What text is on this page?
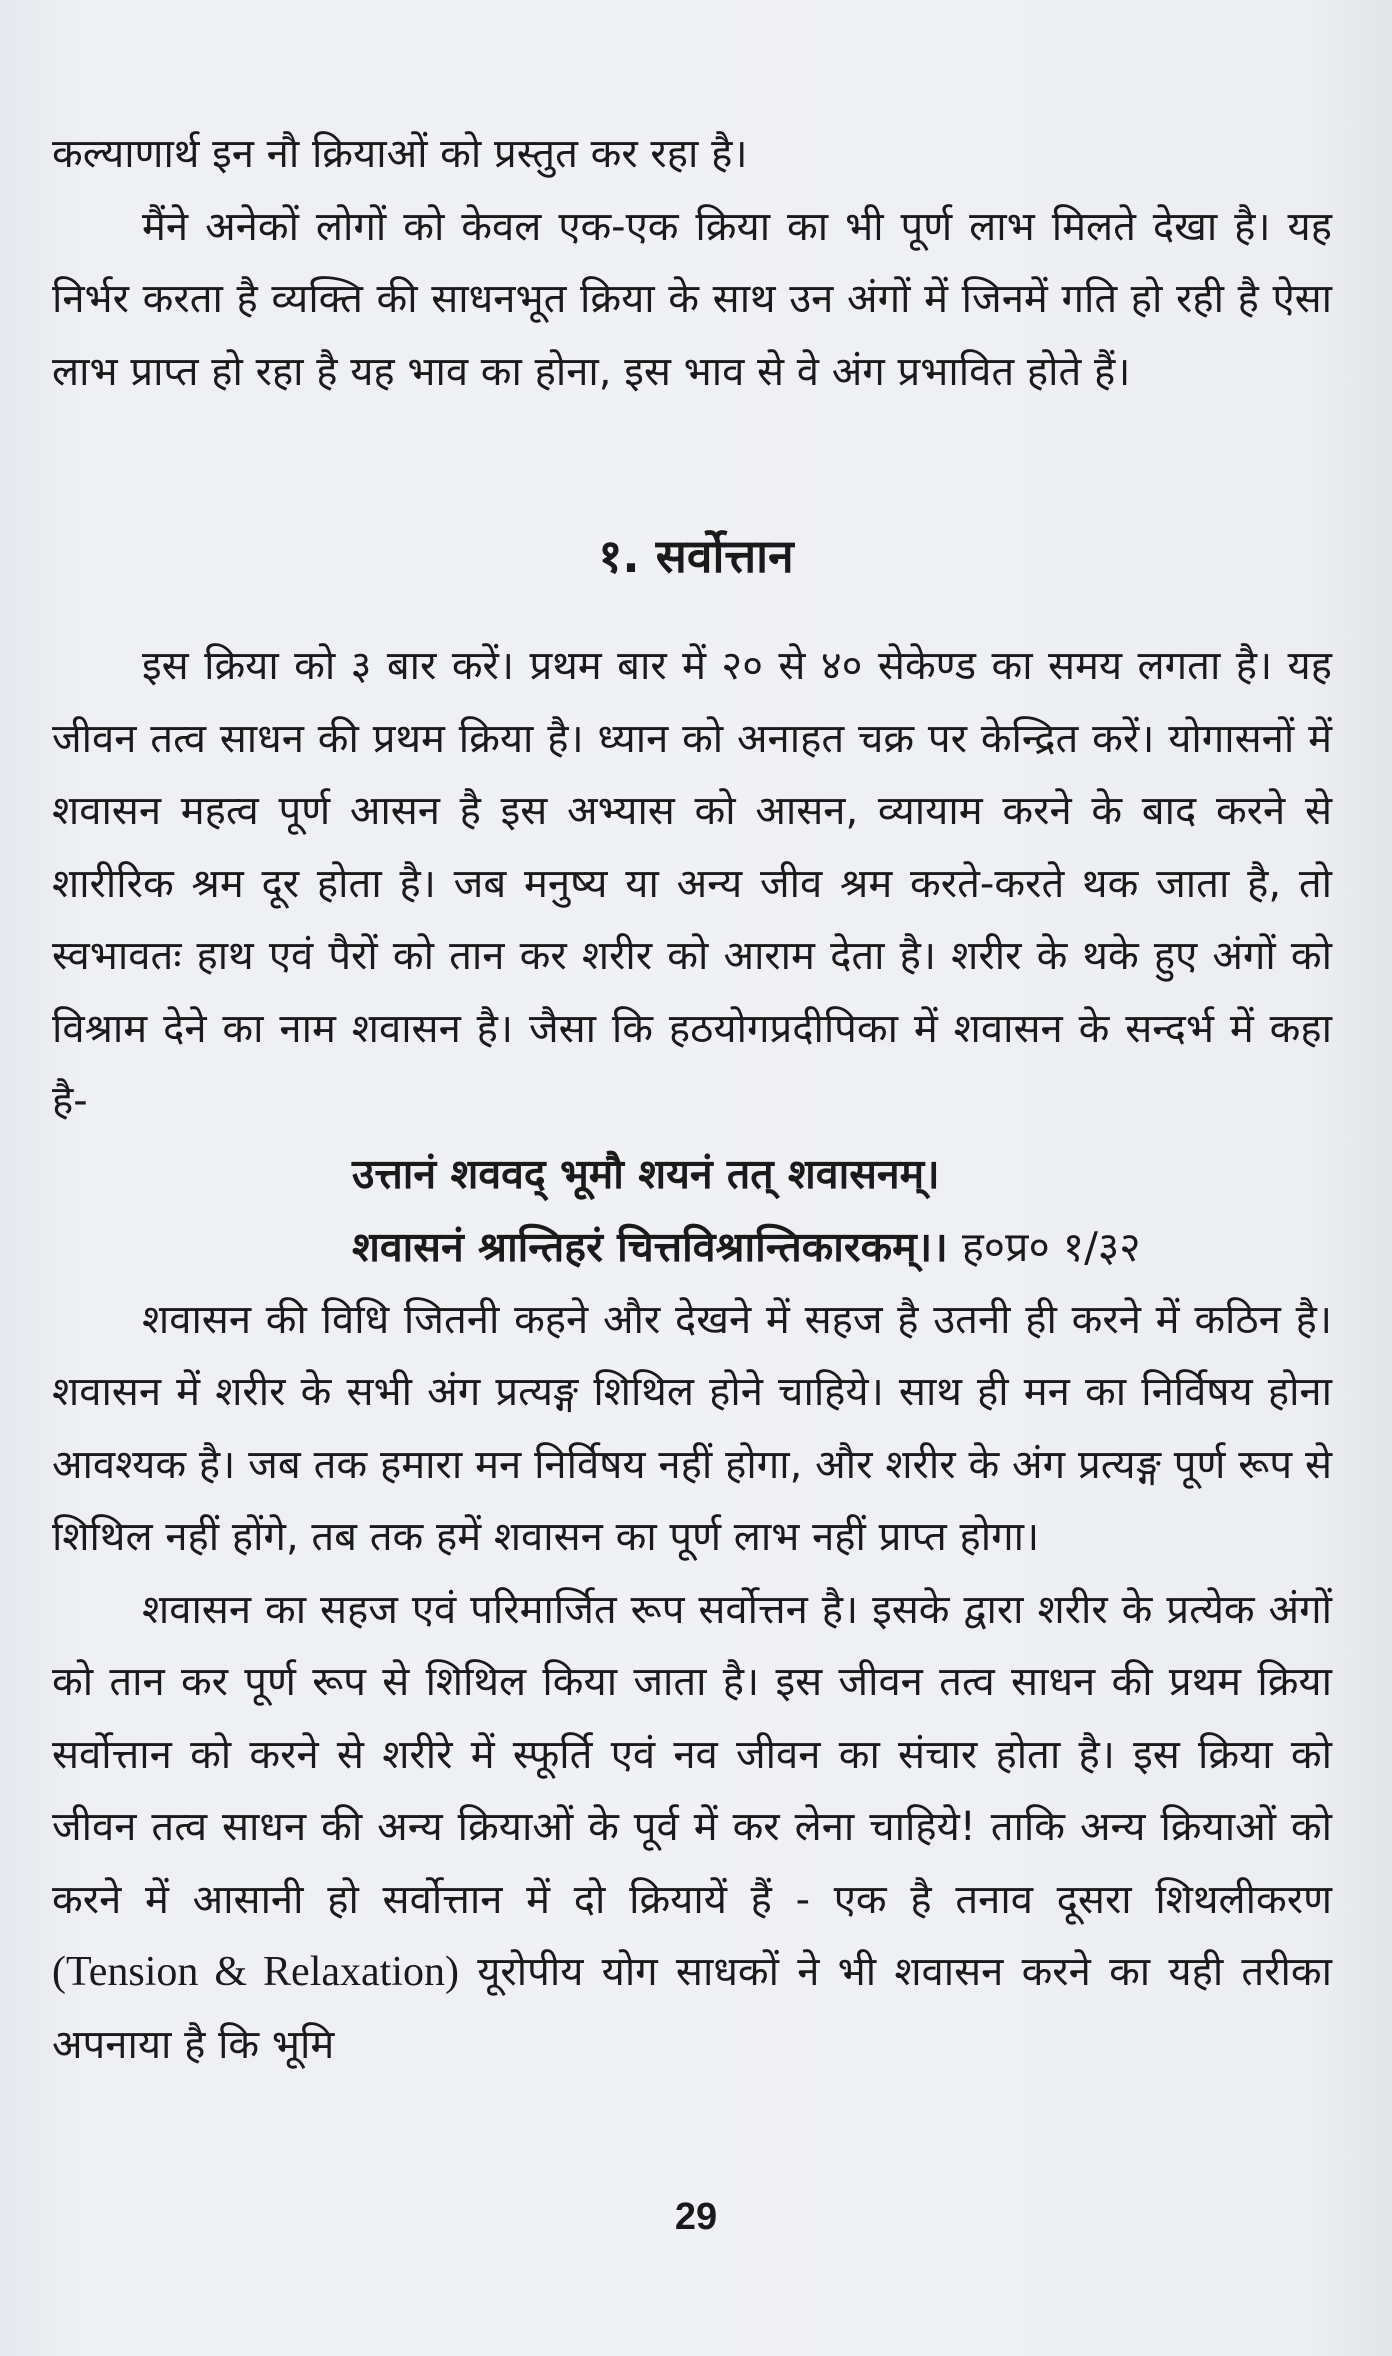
कल्याणार्थ इन नौ क्रियाओं को प्रस्तुत कर रहा है।

मैंने अनेकों लोगों को केवल एक-एक क्रिया का भी पूर्ण लाभ मिलते देखा है। यह निर्भर करता है व्यक्ति की साधनभूत क्रिया के साथ उन अंगों में जिनमें गति हो रही है ऐसा लाभ प्राप्त हो रहा है यह भाव का होना, इस भाव से वे अंग प्रभावित होते हैं।

१. सर्वोत्तान

इस क्रिया को ३ बार करें। प्रथम बार में २० से ४० सेकेण्ड का समय लगता है। यह जीवन तत्व साधन की प्रथम क्रिया है। ध्यान को अनाहत चक्र पर केन्द्रित करें। योगासनों में शवासन महत्व पूर्ण आसन है इस अभ्यास को आसन, व्यायाम करने के बाद करने से शारीरिक श्रम दूर होता है। जब मनुष्य या अन्य जीव श्रम करते-करते थक जाता है, तो स्वभावतः हाथ एवं पैरों को तान कर शरीर को आराम देता है। शरीर के थके हुए अंगों को विश्राम देने का नाम शवासन है। जैसा कि हठयोगप्रदीपिका में शवासन के सन्दर्भ में कहा है-

उत्तानं शववद् भूमौ शयनं तत् शवासनम्।

शवासनं श्रान्तिहरं चित्तविश्रान्तिकारकम्।। ह०प्र० १/३२

शवासन की विधि जितनी कहने और देखने में सहज है उतनी ही करने में कठिन है। शवासन में शरीर के सभी अंग प्रत्यङ्ग शिथिल होने चाहिये। साथ ही मन का निर्विषय होना आवश्यक है। जब तक हमारा मन निर्विषय नहीं होगा, और शरीर के अंग प्रत्यङ्ग पूर्ण रूप से शिथिल नहीं होंगे, तब तक हमें शवासन का पूर्ण लाभ नहीं प्राप्त होगा।

शवासन का सहज एवं परिमार्जित रूप सर्वोत्तन है। इसके द्वारा शरीर के प्रत्येक अंगों को तान कर पूर्ण रूप से शिथिल किया जाता है। इस जीवन तत्व साधन की प्रथम क्रिया सर्वोत्तान को करने से शरीरे में स्फूर्ति एवं नव जीवन का संचार होता है। इस क्रिया को जीवन तत्व साधन की अन्य क्रियाओं के पूर्व में कर लेना चाहिये! ताकि अन्य क्रियाओं को करने में आसानी हो सर्वोत्तान में दो क्रियायें हैं - एक है तनाव दूसरा शिथलीकरण (Tension & Relaxation) यूरोपीय योग साधकों ने भी शवासन करने का यही तरीका अपनाया है कि भूमि

29
